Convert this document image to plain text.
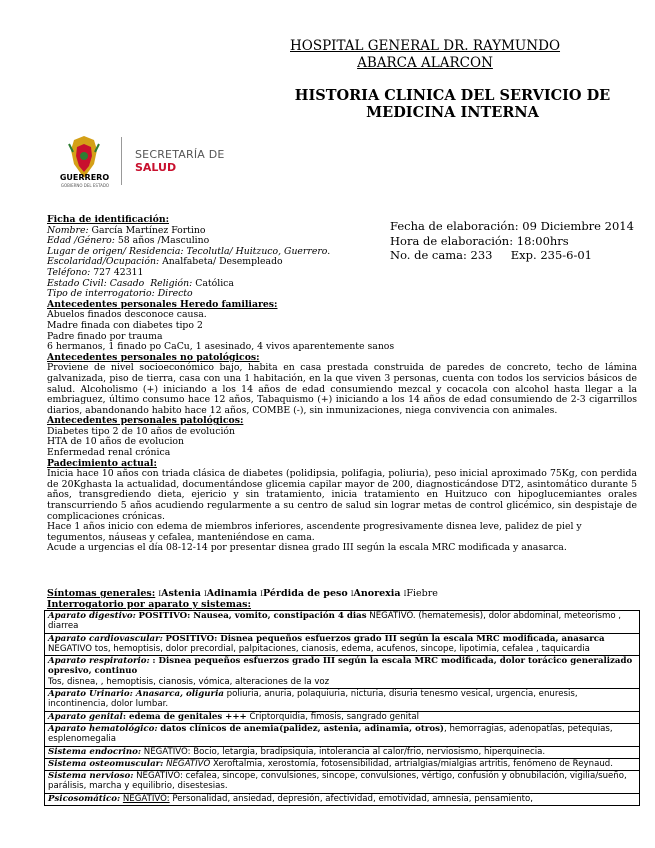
HOSPITAL GENERAL DR. RAYMUNDO
ABARCA ALARCON
HISTORIA CLINICA DEL SERVICIO DE
MEDICINA INTERNA
GUERRERO
GOBIERNO DEL ESTADO
SECRETARÍA DE
SALUD
Fecha de elaboración: 09 Diciembre 2014
Hora de elaboración: 18:00hrs
No. de cama: 233 Exp. 235-6-01

Ficha de identificación:

Nombre: García Martínez Fortino

Edad /Género: 58 años /Masculino

Lugar de origen/ Residencia: Tecolutla/ Huitzuco, Guerrero.

Escolaridad/Ocupación: Analfabeta/ Desempleado

Teléfono: 727 42311

Estado Civil: Casado Religión: Católica

Tipo de interrogatorio: Directo

Antecedentes personales Heredo familiares:

Abuelos finados desconoce causa.

Madre finada con diabetes tipo 2

Padre finado por trauma

6 hermanos, 1 finado po CaCu, 1 asesinado, 4 vivos aparentemente sanos

Antecedentes personales no patológicos:

Proviene de nivel socioeconómico bajo, habita en casa prestada construida de paredes de concreto, techo de lámina galvanizada, piso de tierra, casa con una 1 habitación, en la que viven 3 personas, cuenta con todos los servicios básicos de salud. Alcoholismo (+) iniciando a los 14 años de edad consumiendo mezcal y cocacola con alcohol hasta llegar a la embriaguez, último consumo hace 12 años, Tabaquismo (+) iniciando a los 14 años de edad consumiendo de 2-3 cigarrillos diarios, abandonando habito hace 12 años, COMBE (-), sin inmunizaciones, niega convivencia con animales.

Antecedentes personales patológicos:

Diabetes tipo 2 de 10 años de evolución

HTA de 10 años de evolucion

Enfermedad renal crónica

Padecimiento actual:

Inicia hace 10 años con triada clásica de diabetes (polidipsia, polifagia, poliuria), peso inicial aproximado 75Kg, con perdida de 20Kghasta la actualidad, documentándose glicemia capilar mayor de 200, diagnosticándose DT2, asintomático durante 5 años, transgrediendo dieta, ejericio y sin tratamiento, inicia tratamiento en Huitzuco con hipoglucemiantes orales transcurriendo 5 años acudiendo regularmente a su centro de salud sin lograr metas de control glicémico, sin despistaje de complicaciones crónicas.

Hace 1 años inicio con edema de miembros inferiores, ascendente progresivamente disnea leve, palidez de piel y tegumentos, náuseas y cefalea, manteniéndose en cama.

Acude a urgencias el día 08-12-14 por presentar disnea grado III según la escala MRC modificada y anasarca.

Síntomas generales: IAstenia IAdinamia IPérdida de peso IAnorexia IFiebre
Interrogatorio por aparato y sistemas:
Aparato digestivo: POSITIVO: Nausea, vomito, constipación 4 dias NEGATIVO. (hematemesis), dolor abdominal, meteorismo , diarrea
Aparato cardiovascular: POSITIVO: Disnea pequeños esfuerzos grado III según la escala MRC modificada, anasarca NEGATIVO tos, hemoptisis, dolor precordial, palpitaciones, cianosis, edema, acufenos, sincope, lipotimia, cefalea , taquicardia
Aparato respiratorio: : Disnea pequeños esfuerzos grado III según la escala MRC modificada, dolor torácico generalizado opresivo, continuo
Tos, disnea, , hemoptisis, cianosis, vómica, alteraciones de la voz
Aparato Urinario: Anasarca, oliguria poliuria, anuria, polaquiuria, nicturia, disuria tenesmo vesical, urgencia, enuresis, incontinencia, dolor lumbar.
Aparato genital: edema de genitales +++ Criptorquidia, fimosis, sangrado genital
Aparato hematológico: datos clínicos de anemia(palidez, astenia, adinamia, otros), hemorragias, adenopatías, petequias, esplenomegalia
Sistema endocrino: NEGATIVO: Bocio, letargia, bradipsiquia, intolerancia al calor/frio, nerviosismo, hiperquinecia.
Sistema osteomuscular: NEGATIVO Xeroftalmia, xerostomía, fotosensibilidad, artrialgias/mialgias artritis, fenómeno de Reynaud.
Sistema nervioso: NEGATIVO: cefalea, sincope, convulsiones, sincope, convulsiones, vértigo, confusión y obnubilación, vigilia/sueño, parálisis, marcha y equilibrio, disestesias.
Psicosomático: NEGATIVO: Personalidad, ansiedad, depresión, afectividad, emotividad, amnesia, pensamiento,
